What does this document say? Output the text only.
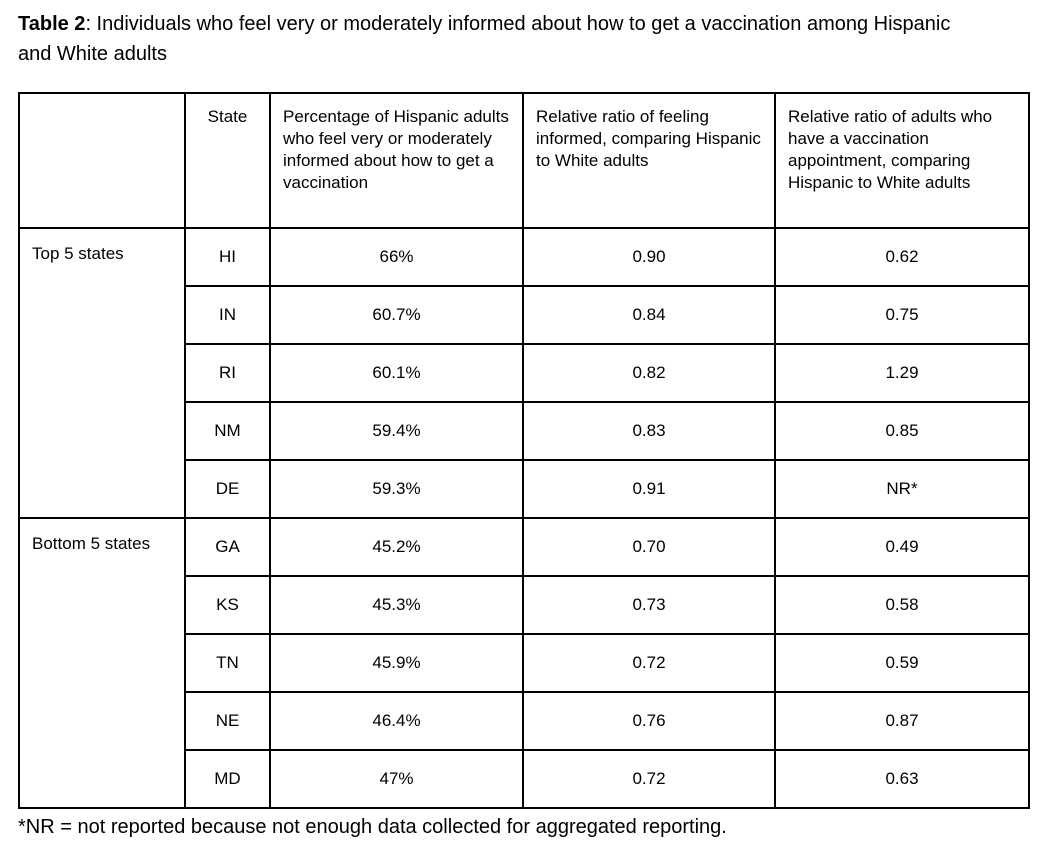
Table 2: Individuals who feel very or moderately informed about how to get a vaccination among Hispanic and White adults
	State	Percentage of Hispanic adults who feel very or moderately informed about how to get a vaccination	Relative ratio of feeling informed, comparing Hispanic to White adults	Relative ratio of adults who have a vaccination appointment, comparing Hispanic to White adults
Top 5 states	HI	66%	0.90	0.62
	IN	60.7%	0.84	0.75
	RI	60.1%	0.82	1.29
	NM	59.4%	0.83	0.85
	DE	59.3%	0.91	NR*
Bottom 5 states	GA	45.2%	0.70	0.49
	KS	45.3%	0.73	0.58
	TN	45.9%	0.72	0.59
	NE	46.4%	0.76	0.87
	MD	47%	0.72	0.63
*NR = not reported because not enough data collected for aggregated reporting.
